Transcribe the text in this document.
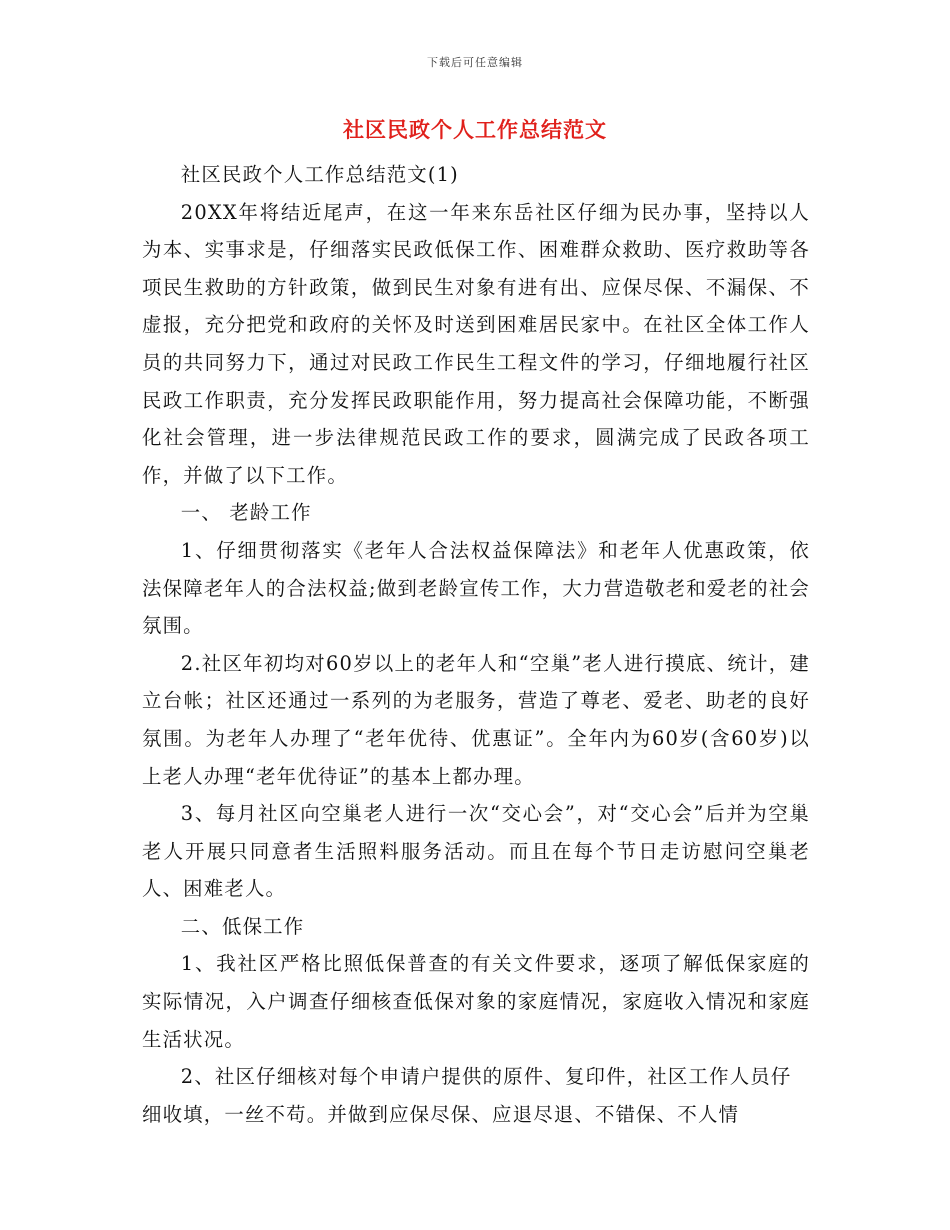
下载后可任意编辑
社区民政个人工作总结范文

社区民政个人工作总结范文(1)

20XX年将结近尾声，在这一年来东岳社区仔细为民办事，坚持以人为本、实事求是，仔细落实民政低保工作、困难群众救助、医疗救助等各项民生救助的方针政策，做到民生对象有进有出、应保尽保、不漏保、不虚报，充分把党和政府的关怀及时送到困难居民家中。在社区全体工作人员的共同努力下，通过对民政工作民生工程文件的学习，仔细地履行社区民政工作职责，充分发挥民政职能作用，努力提高社会保障功能，不断强化社会管理，进一步法律规范民政工作的要求，圆满完成了民政各项工作，并做了以下工作。

一、 老龄工作

1、仔细贯彻落实《老年人合法权益保障法》和老年人优惠政策，依法保障老年人的合法权益;做到老龄宣传工作，大力营造敬老和爱老的社会氛围。

2.社区年初均对60岁以上的老年人和“空巢”老人进行摸底、统计，建立台帐；社区还通过一系列的为老服务，营造了尊老、爱老、助老的良好氛围。为老年人办理了“老年优待、优惠证”。全年内为60岁(含60岁)以上老人办理“老年优待证”的基本上都办理。

3、每月社区向空巢老人进行一次“交心会”，对“交心会”后并为空巢老人开展只同意者生活照料服务活动。而且在每个节日走访慰问空巢老人、困难老人。

二、低保工作

1、我社区严格比照低保普查的有关文件要求，逐项了解低保家庭的实际情况，入户调查仔细核查低保对象的家庭情况，家庭收入情况和家庭生活状况。

2、社区仔细核对每个申请户提供的原件、复印件，社区工作人员仔细收填，一丝不苟。并做到应保尽保、应退尽退、不错保、不人情
